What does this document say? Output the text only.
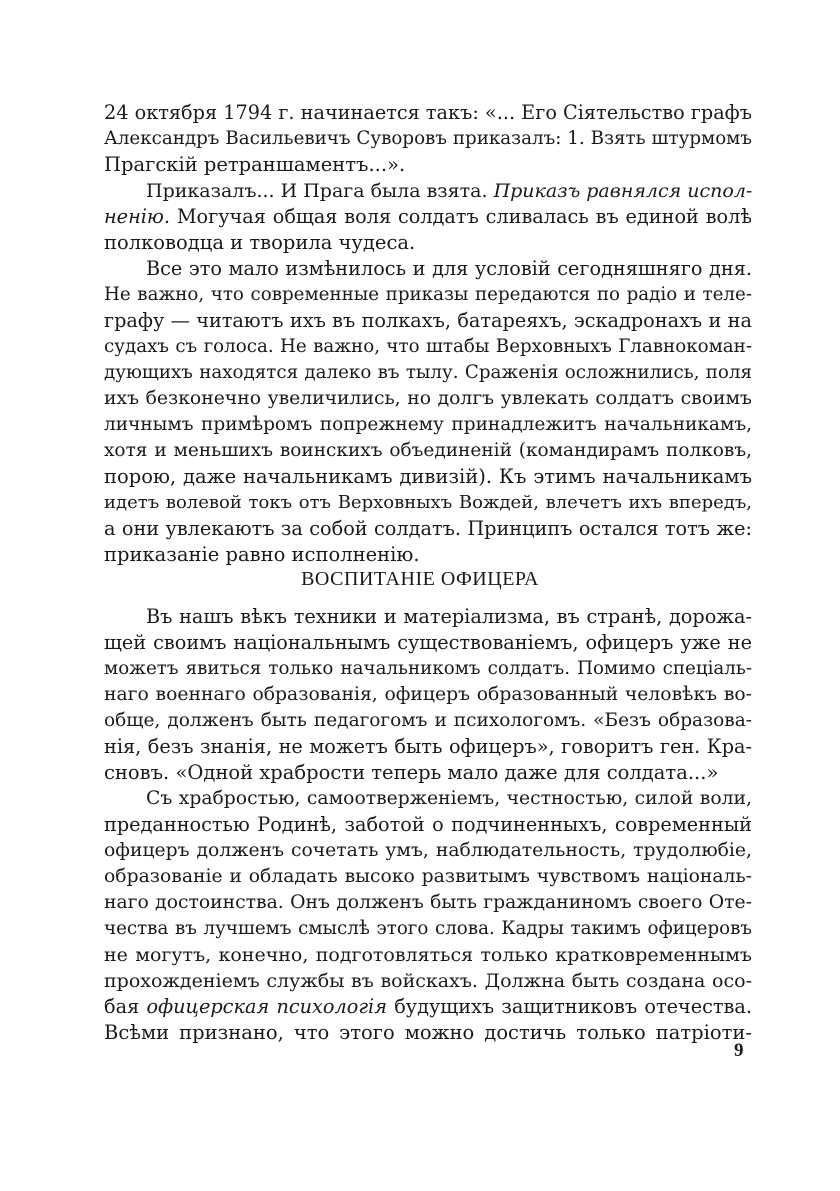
24 октября 1794 г. начинается такъ: «... Его Сіятельство графъ
Александръ Васильевичъ Суворовъ приказалъ: 1. Взять штурмомъ
Прагскій ретраншаментъ...».
Приказалъ... И Прага была взята. Приказъ равнялся испол-
ненію. Могучая общая воля солдатъ сливалась въ единой волѣ
полководца и творила чудеса.
Все это мало измѣнилось и для условій сегодняшняго дня.
Не важно, что современные приказы передаются по радіо и теле-
графу — читаютъ ихъ въ полкахъ, батареяхъ, эскадронахъ и на
судахъ съ голоса. Не важно, что штабы Верховныхъ Главнокоман-
дующихъ находятся далеко въ тылу. Сраженія осложнились, поля
ихъ безконечно увеличились, но долгъ увлекать солдатъ своимъ
личнымъ примѣромъ попрежнему принадлежитъ начальникамъ,
хотя и меньшихъ воинскихъ объединеній (командирамъ полковъ,
порою, даже начальникамъ дивизій). Къ этимъ начальникамъ
идетъ волевой токъ отъ Верховныхъ Вождей, влечетъ ихъ впередъ,
а они увлекаютъ за собой солдатъ. Принципъ остался тотъ же:
приказаніе равно исполненію.
ВОСПИТАНІЕ ОФИЦЕРА
Въ нашъ вѣкъ техники и матеріализма, въ странѣ, дорожа-
щей своимъ національнымъ существованіемъ, офицеръ уже не
можетъ явиться только начальникомъ солдатъ. Помимо спеціаль-
наго военнаго образованія, офицеръ образованный человѣкъ во-
обще, долженъ быть педагогомъ и психологомъ. «Безъ образова-
нія, безъ знанія, не можетъ быть офицеръ», говоритъ ген. Кра-
сновъ. «Одной храбрости теперь мало даже для солдата...»
Съ храбростью, самоотверженіемъ, честностью, силой воли,
преданностью Родинѣ, заботой о подчиненныхъ, современный
офицеръ долженъ сочетать умъ, наблюдательность, трудолюбіе,
образованіе и обладать высоко развитымъ чувствомъ національ-
наго достоинства. Онъ долженъ быть гражданиномъ своего Оте-
чества въ лучшемъ смыслѣ этого слова. Кадры такимъ офицеровъ
не могутъ, конечно, подготовляться только кратковременнымъ
прохожденіемъ службы въ войскахъ. Должна быть создана осо-
бая офицерская психологія будущихъ защитниковъ отечества.
Всѣми признано, что этого можно достичь только патріоти-
9
